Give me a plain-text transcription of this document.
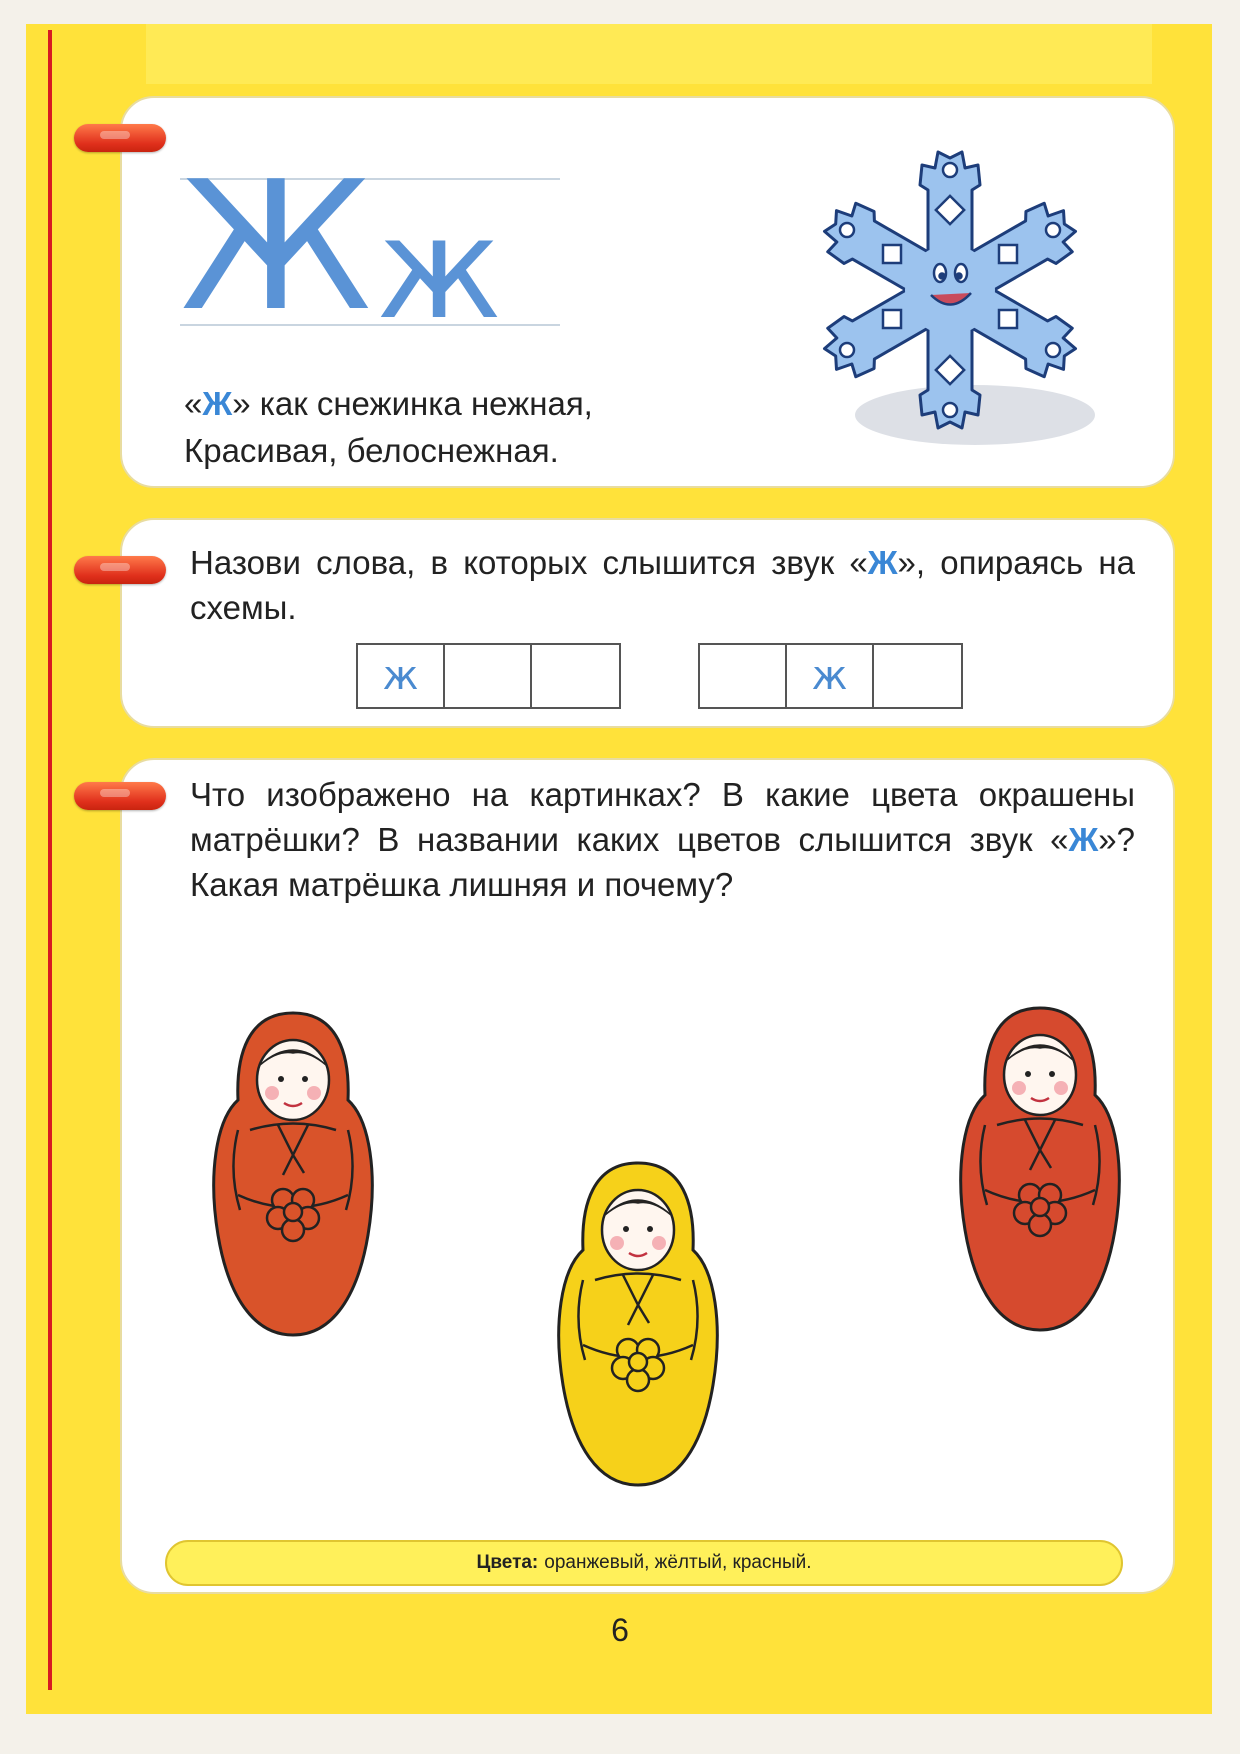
Ж ж
«Ж» как снежинка нежная,
Красивая, белоснежная.
Назови слова, в которых слышится звук «Ж», опираясь на схемы.
ж	ж
Что изображено на картинках? В какие цвета окрашены матрёшки? В названии каких цветов слышится звук «Ж»? Какая матрёшка лишняя и почему?
Цвета: оранжевый, жёлтый, красный.
6
